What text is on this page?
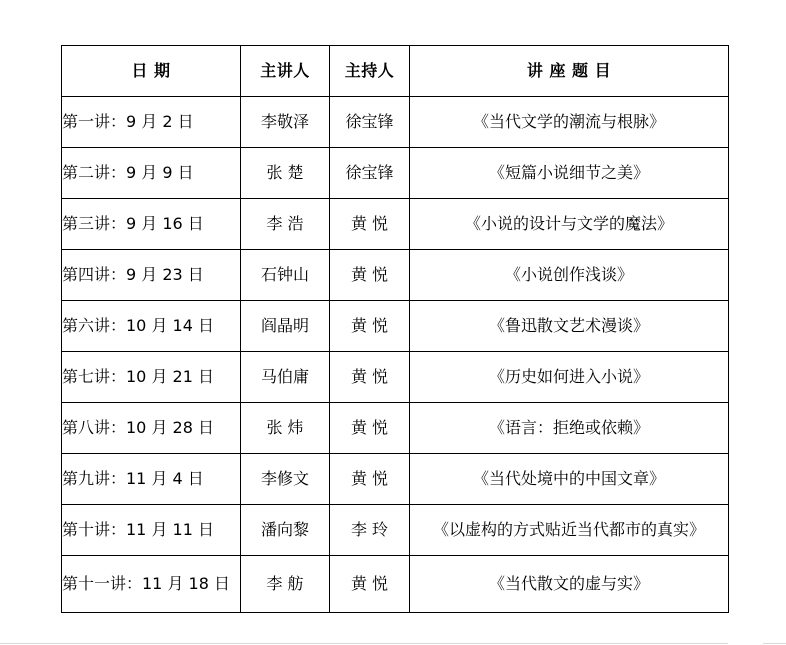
日 期	主讲人	主持人	讲 座 题 目
第一讲：9 月 2 日	李敬泽	徐宝锋	《当代文学的潮流与根脉》
第二讲：9 月 9 日	张 楚	徐宝锋	《短篇小说细节之美》
第三讲：9 月 16 日	李 浩	黄 悦	《小说的设计与文学的魔法》
第四讲：9 月 23 日	石钟山	黄 悦	《小说创作浅谈》
第六讲：10 月 14 日	阎晶明	黄 悦	《鲁迅散文艺术漫谈》
第七讲：10 月 21 日	马伯庸	黄 悦	《历史如何进入小说》
第八讲：10 月 28 日	张 炜	黄 悦	《语言：拒绝或依赖》
第九讲：11 月 4 日	李修文	黄 悦	《当代处境中的中国文章》
第十讲：11 月 11 日	潘向黎	李 玲	《以虚构的方式贴近当代都市的真实》
第十一讲：11 月 18 日	李 舫	黄 悦	《当代散文的虚与实》
